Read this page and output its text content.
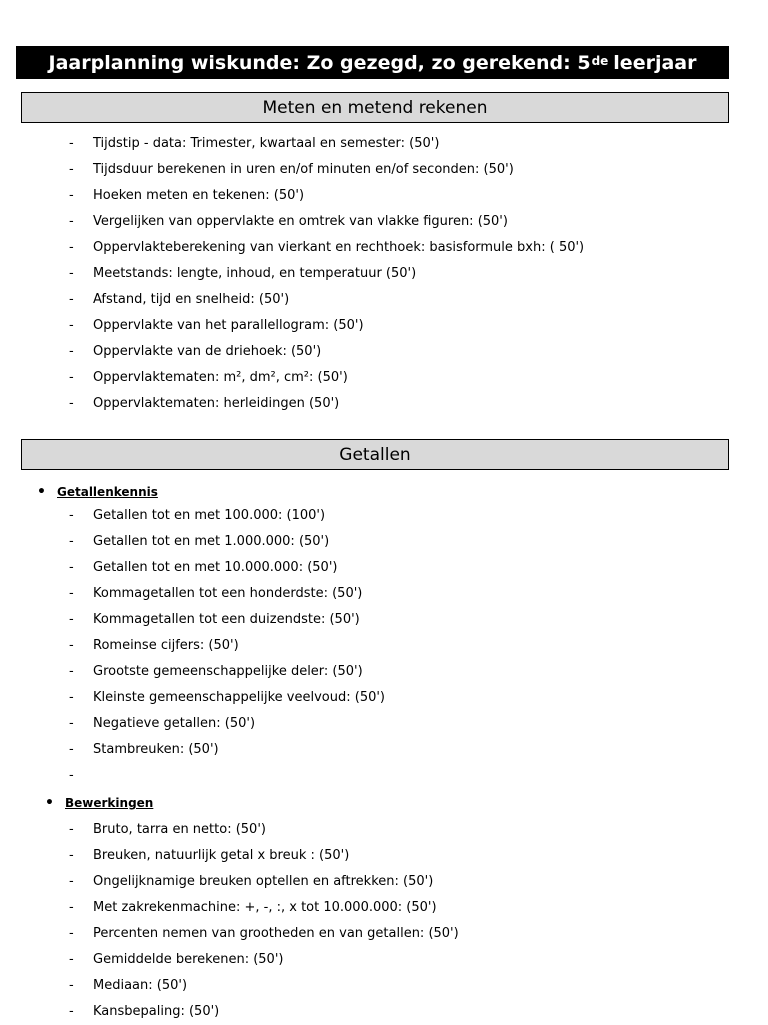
Jaarplanning wiskunde: Zo gezegd, zo gerekend: 5de leerjaar
Meten en metend rekenen
- Tijdstip - data: Trimester, kwartaal en semester: (50')
- Tijdsduur berekenen in uren en/of minuten en/of seconden: (50')
- Hoeken meten en tekenen: (50')
- Vergelijken van oppervlakte en omtrek van vlakke figuren: (50')
- Oppervlakteberekening van vierkant en rechthoek: basisformule bxh: ( 50')
- Meetstands: lengte, inhoud, en temperatuur (50')
- Afstand, tijd en snelheid: (50')
- Oppervlakte van het parallellogram: (50')
- Oppervlakte van de driehoek: (50')
- Oppervlaktematen: m², dm², cm²: (50')
- Oppervlaktematen: herleidingen (50')
Getallen
• Getallenkennis
- Getallen tot en met 100.000: (100')
- Getallen tot en met 1.000.000: (50')
- Getallen tot en met 10.000.000: (50')
- Kommagetallen tot een honderdste: (50')
- Kommagetallen tot een duizendste: (50')
- Romeinse cijfers: (50')
- Grootste gemeenschappelijke deler: (50')
- Kleinste gemeenschappelijke veelvoud: (50')
- Negatieve getallen: (50')
- Stambreuken: (50')
-
• Bewerkingen
- Bruto, tarra en netto: (50')
- Breuken, natuurlijk getal x breuk : (50')
- Ongelijknamige breuken optellen en aftrekken: (50')
- Met zakrekenmachine: +, -, :, x tot 10.000.000: (50')
- Percenten nemen van grootheden en van getallen: (50')
- Gemiddelde berekenen: (50')
- Mediaan: (50')
- Kansbepaling: (50')
